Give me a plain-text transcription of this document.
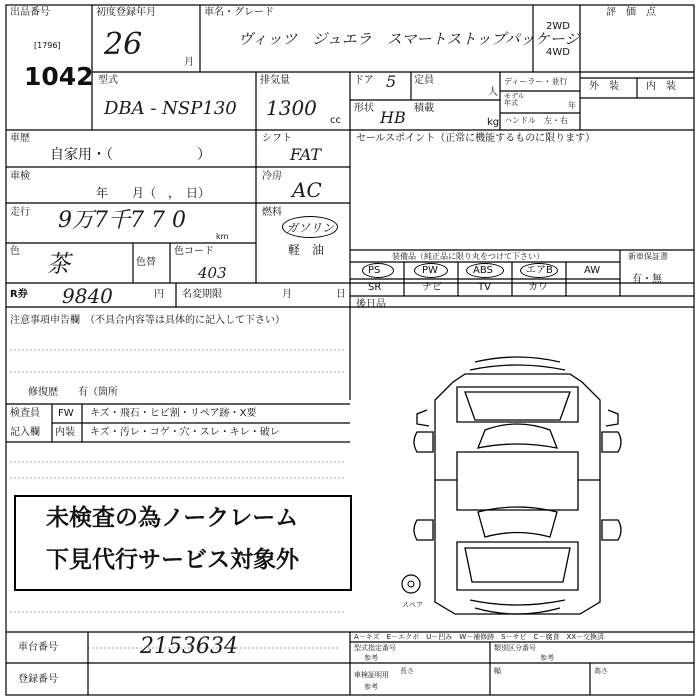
出品番号
[1796]
1042
初度登録年月
26
月
車名・グレード
ヴィッツ　ジュエラ　スマートストップパッケージ
2WD
4WD
評　価　点
型式
DBA - NSP130
排気量
1300
cc
ドア 5 定員
人
形状 HB 積載
kg
ディーラー・並行
モデル
年式	年
ハンドル　左・右
外　装	内　装
車歴
自家用・（　　　　　　）
シフト
FAT
セールスポイント（正常に機能するものに限ります）
車検
年　　月（　，　日）
冷房
AC
走行 9万7千7 7 0
km
燃料
ガソリン
軽　油
色 茶	色替
色コード
403
装備品（純正品に限り丸をつけて下さい）	新車保証書
有・無
PS	PW	ABS	エアB	AW
SR	ナビ	TV	カワ
後日品
R券 9840	円 名変期限	月	日
注意事項申告欄　（不具合内容等は具体的に記入して下さい）
修復歴　　有（箇所
検査員
記入欄
FW キズ・飛石・ヒビ割・リペア跡・X要
内装 キズ・汚レ・コゲ・穴・スレ・キレ・破レ
未検査の為ノークレーム
下見代行サービス対象外
スペア
A－キズ　E－エクボ　U－凹み　W－補修跡　S－サビ　C－腐食　XX－交換済
車台番号	2153634
登録番号
型式指定番号
参考
類別区分番号
参考
車検証明用
参考
長さ	幅	高さ
